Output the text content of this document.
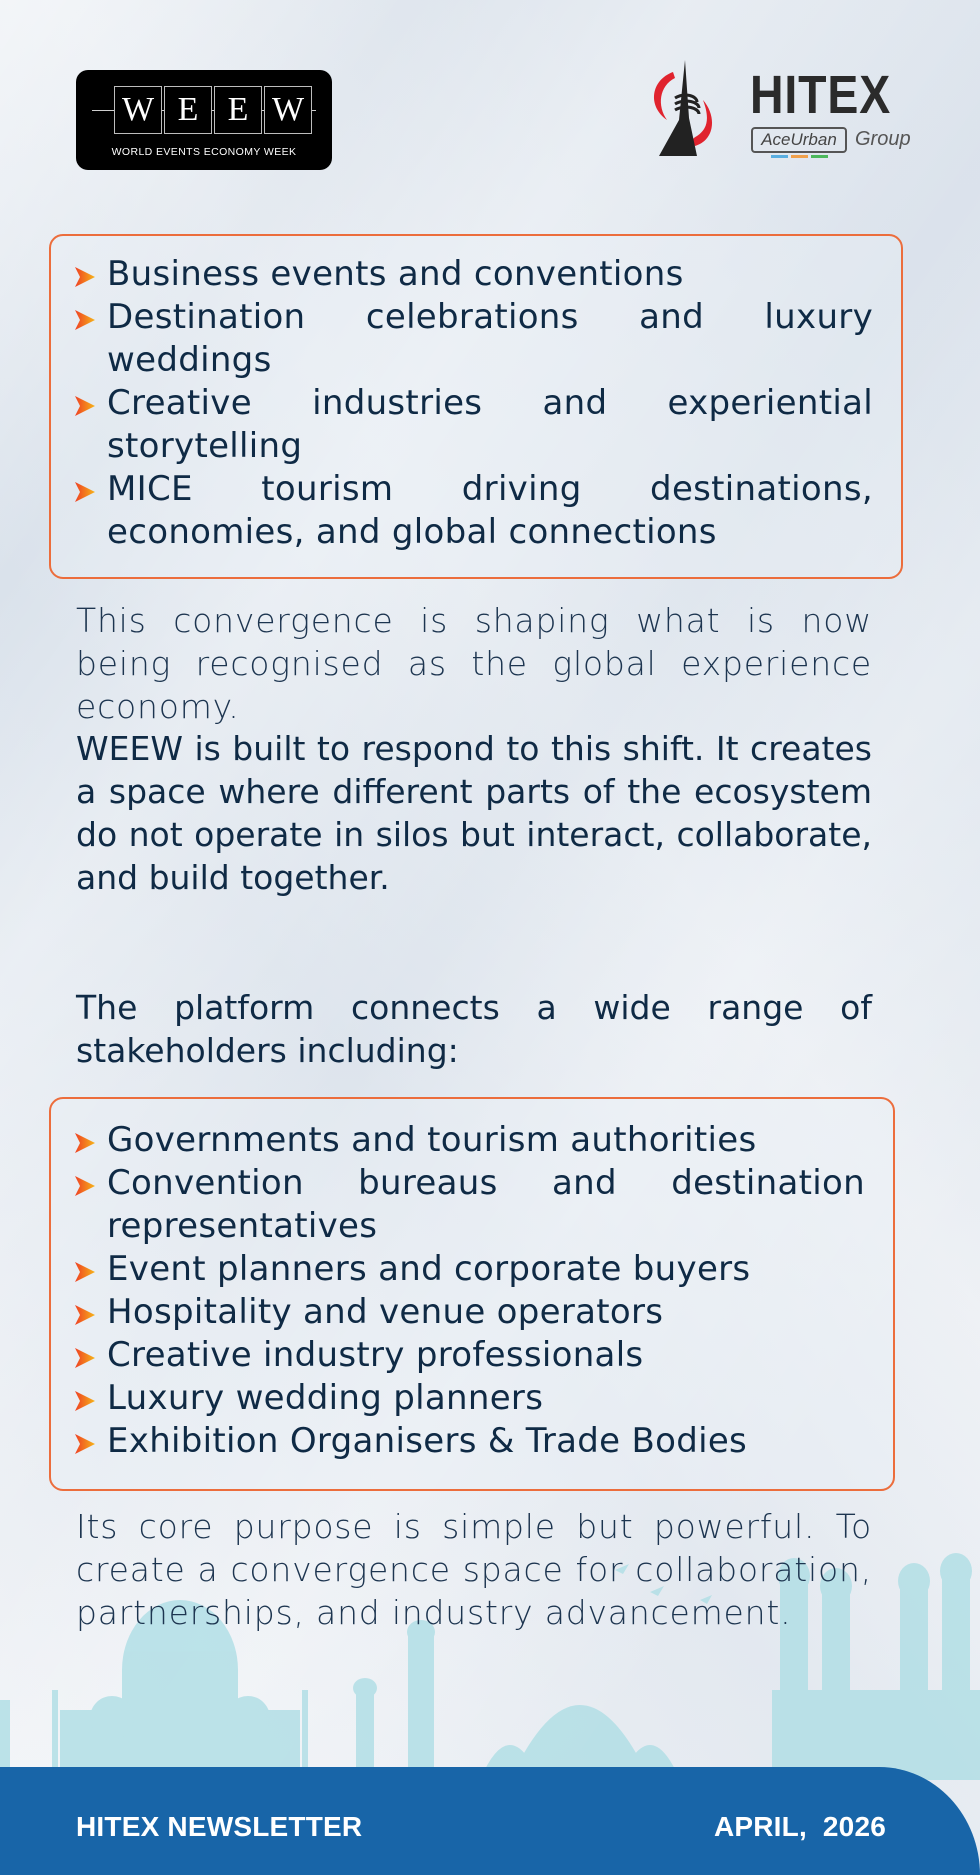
W E E W
WORLD EVENTS ECONOMY WEEK
HITEX
AceUrban Group
Business events and conventions
Destination celebrations and luxury weddings
Creative industries and experiential storytelling
MICE tourism driving destinations, economies, and global connections

This convergence is shaping what is now being recognised as the global experience economy.

WEEW is built to respond to this shift. It creates a space where different parts of the ecosystem do not operate in silos but interact, collaborate, and build together.

The platform connects a wide range of stakeholders including:

Governments and tourism authorities
Convention bureaus and destination representatives
Event planners and corporate buyers
Hospitality and venue operators
Creative industry professionals
Luxury wedding planners
Exhibition Organisers & Trade Bodies

Its core purpose is simple but powerful. To create a convergence space for collaboration, partnerships, and industry advancement.

HITEX NEWSLETTER	APRIL,  2026
